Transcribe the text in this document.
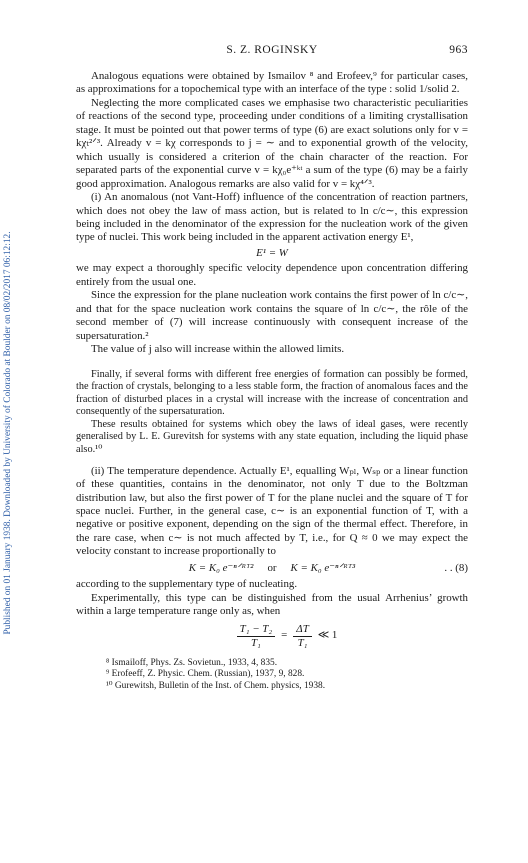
Published on 01 January 1938. Downloaded by University of Colorado at Boulder on 08/02/2017 06:12:12.
S. Z. ROGINSKY	963

Analogous equations were obtained by Ismailov ⁸ and Erofeev,⁹ for particular cases, as approximations for a topochemical type with an interface of the type : solid 1/solid 2.

Neglecting the more complicated cases we emphasise two characteristic peculiarities of reactions of the second type, proceeding under conditions of a limiting crystallisation stage. It must be pointed out that power terms of type (6) are exact solutions only for v = kχₜ²ᐟ³. Already v = kχ corresponds to j = ∼ and to exponential growth of the velocity, which usually is considered a criterion of the chain character of the reaction. For separated parts of the exponential curve v = kχ₀e⁺ᵏᵗ a sum of the type (6) may be a fairly good approximation. Analogous remarks are also valid for v = kχ⁴ᐟ³.

(i) An anomalous (not Vant-Hoff) influence of the concentration of reaction partners, which does not obey the law of mass action, but is related to ln c/c∼, this expression being included in the denominator of the expression for the nucleation work of the given type of nuclei. This work being included in the apparent activation energy E¹,

E¹ = W

we may expect a thoroughly specific velocity dependence upon concentration differing entirely from the usual one.

Since the expression for the plane nucleation work contains the first power of ln c/c∼, and that for the space nucleation work contains the square of ln c/c∼, the rôle of the second member of (7) will increase continuously with consequent increase of the supersaturation.²

The value of j also will increase within the allowed limits.

Finally, if several forms with different free energies of formation can possibly be formed, the fraction of crystals, belonging to a less stable form, the fraction of anomalous faces and the fraction of disturbed places in a crystal will increase with the increase of concentration and consequently of the supersaturation.

These results obtained for systems which obey the laws of ideal gases, were recently generalised by L. E. Gurevitsh for systems with any state equation, including the liquid phase also.¹⁰

(ii) The temperature dependence. Actually E¹, equalling Wₚₗ, Wₛₚ or a linear function of these quantities, contains in the denominator, not only T due to the Boltzman distribution law, but also the first power of T for the plane nuclei and the square of T for space nuclei. Further, in the general case, c∼ is an exponential function of T, with a negative or positive exponent, depending on the sign of the thermal effect. Therefore, in the rare case, when c∼ is not much affected by T, i.e., for Q ≈ 0 we may expect the velocity constant to increase proportionally to

K = K₀ e⁻ⁿᐟᴿᵀ² or K = K₀ e⁻ⁿᐟᴿᵀ³	. . (8)

according to the supplementary type of nucleating.

Experimentally, this type can be distinguished from the usual Arrhenius’ growth within a large temperature range only as, when

$\frac{\text{T₁ − T₂}}{\text{T₁}} = \frac{\Delta T}{\text{T₁}}$ ≪ 1

⁸ Ismailoff, Phys. Zs. Sovietun., 1933, 4, 835.

⁹ Erofeeff, Z. Physic. Chem. (Russian), 1937, 9, 828.

¹⁰ Gurewitsh, Bulletin of the Inst. of Chem. physics, 1938.
